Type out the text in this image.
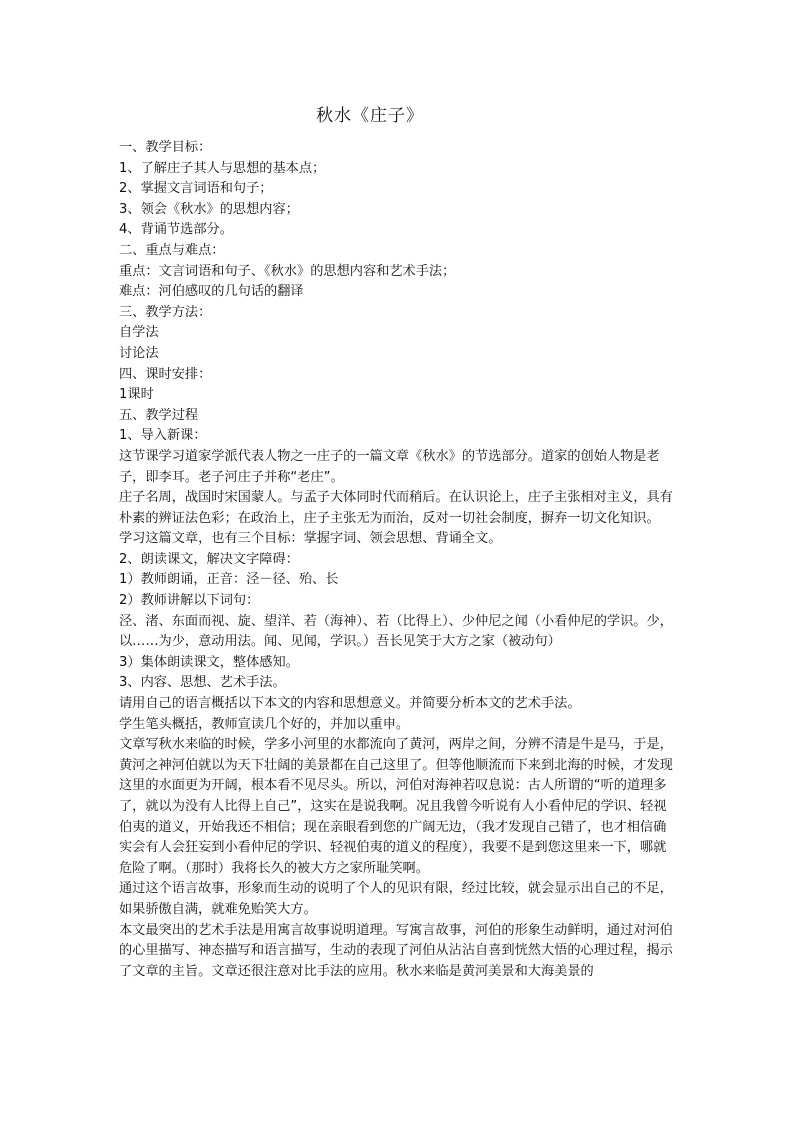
秋水《庄子》

一、教学目标：

1、了解庄子其人与思想的基本点；

2、掌握文言词语和句子；

3、领会《秋水》的思想内容；

4、背诵节选部分。

二、重点与难点：

重点：文言词语和句子、《秋水》的思想内容和艺术手法；

难点：河伯感叹的几句话的翻译

三、教学方法：

自学法

讨论法

四、课时安排：

1课时

五、教学过程

1、导入新课：

这节课学习道家学派代表人物之一庄子的一篇文章《秋水》的节选部分。道家的创始人物是老子，即李耳。老子河庄子并称“老庄”。

庄子名周，战国时宋国蒙人。与孟子大体同时代而稍后。在认识论上，庄子主张相对主义，具有朴素的辨证法色彩；在政治上，庄子主张无为而治，反对一切社会制度，摒弃一切文化知识。

学习这篇文章，也有三个目标：掌握字词、领会思想、背诵全文。

2、朗读课文，解决文字障碍：

1）教师朗诵，正音：泾－径、殆、长

2）教师讲解以下词句：

泾、渚、东面而视、旋、望洋、若（海神）、若（比得上）、少仲尼之闻（小看仲尼的学识。少，以……为少，意动用法。闻、见闻，学识。）吾长见笑于大方之家（被动句）

3）集体朗读课文，整体感知。

3、内容、思想、艺术手法。

请用自己的语言概括以下本文的内容和思想意义。并简要分析本文的艺术手法。

学生笔头概括，教师宣读几个好的，并加以重申。

文章写秋水来临的时候，学多小河里的水都流向了黄河，两岸之间，分辨不清是牛是马，于是，黄河之神河伯就以为天下壮阔的美景都在自己这里了。但等他顺流而下来到北海的时候，才发现这里的水面更为开阔，根本看不见尽头。所以，河伯对海神若叹息说：古人所谓的“听的道理多了，就以为没有人比得上自己”，这实在是说我啊。况且我曾今听说有人小看仲尼的学识、轻视伯夷的道义，开始我还不相信；现在亲眼看到您的广阔无边，（我才发现自己错了，也才相信确实会有人会狂妄到小看仲尼的学识、轻视伯夷的道义的程度），我要不是到您这里来一下，哪就危险了啊。（那时）我将长久的被大方之家所耻笑啊。

通过这个语言故事，形象而生动的说明了个人的见识有限，经过比较，就会显示出自己的不足，如果骄傲自满，就难免贻笑大方。

本文最突出的艺术手法是用寓言故事说明道理。写寓言故事，河伯的形象生动鲜明，通过对河伯的心里描写、神态描写和语言描写，生动的表现了河伯从沾沾自喜到恍然大悟的心理过程，揭示了文章的主旨。文章还很注意对比手法的应用。秋水来临是黄河美景和大海美景的
